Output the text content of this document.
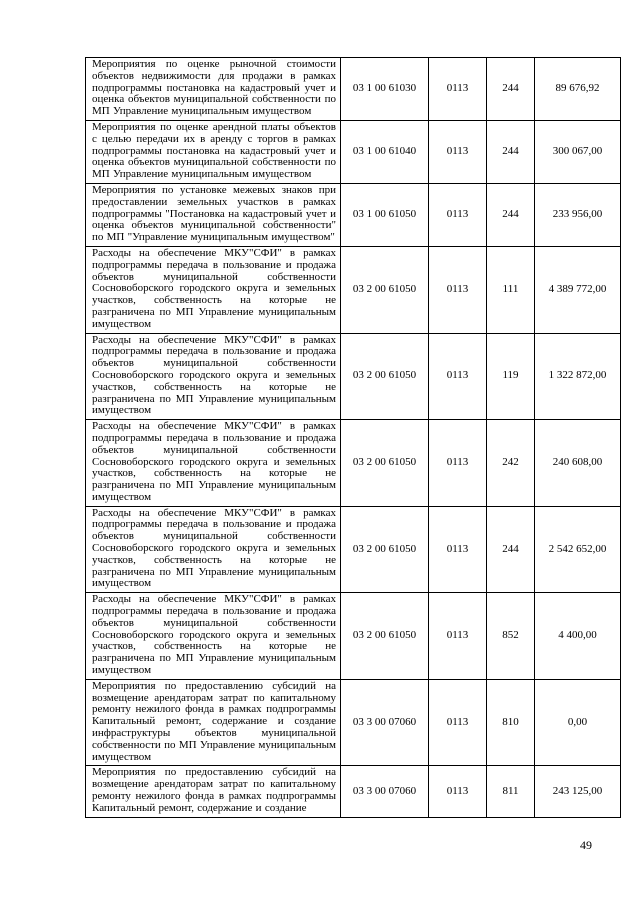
Мероприятия по оценке рыночной стоимости объектов недвижимости для продажи в рамках подпрограммы постановка на кадастровый учет и оценка объектов муниципальной собственности по МП Управление муниципальным имуществом	03 1 00 61030	0113	244	89 676,92
Мероприятия по оценке арендной платы объектов с целью передачи их в аренду с торгов в рамках подпрограммы постановка на кадастровый учет и оценка объектов муниципальной собственности по МП Управление муниципальным имуществом	03 1 00 61040	0113	244	300 067,00
Мероприятия по установке межевых знаков при предоставлении земельных участков в рамках подпрограммы "Постановка на кадастровый учет и оценка объектов муниципальной собственности" по МП "Управление муниципальным имуществом"	03 1 00 61050	0113	244	233 956,00
Расходы на обеспечение МКУ"СФИ" в рамках подпрограммы передача в пользование и продажа объектов муниципальной собственности Сосновоборского городского округа и земельных участков, собственность на которые не разграничена по МП Управление муниципальным имуществом	03 2 00 61050	0113	111	4 389 772,00
Расходы на обеспечение МКУ"СФИ" в рамках подпрограммы передача в пользование и продажа объектов муниципальной собственности Сосновоборского городского округа и земельных участков, собственность на которые не разграничена по МП Управление муниципальным имуществом	03 2 00 61050	0113	119	1 322 872,00
Расходы на обеспечение МКУ"СФИ" в рамках подпрограммы передача в пользование и продажа объектов муниципальной собственности Сосновоборского городского округа и земельных участков, собственность на которые не разграничена по МП Управление муниципальным имуществом	03 2 00 61050	0113	242	240 608,00
Расходы на обеспечение МКУ"СФИ" в рамках подпрограммы передача в пользование и продажа объектов муниципальной собственности Сосновоборского городского округа и земельных участков, собственность на которые не разграничена по МП Управление муниципальным имуществом	03 2 00 61050	0113	244	2 542 652,00
Расходы на обеспечение МКУ"СФИ" в рамках подпрограммы передача в пользование и продажа объектов муниципальной собственности Сосновоборского городского округа и земельных участков, собственность на которые не разграничена по МП Управление муниципальным имуществом	03 2 00 61050	0113	852	4 400,00
Мероприятия по предоставлению субсидий на возмещение арендаторам затрат по капитальному ремонту нежилого фонда в рамках подпрограммы Капитальный ремонт, содержание и создание инфраструктуры объектов муниципальной собственности по МП Управление муниципальным имуществом	03 3 00 07060	0113	810	0,00
Мероприятия по предоставлению субсидий на возмещение арендаторам затрат по капитальному ремонту нежилого фонда в рамках подпрограммы Капитальный ремонт, содержание и создание	03 3 00 07060	0113	811	243 125,00
49
